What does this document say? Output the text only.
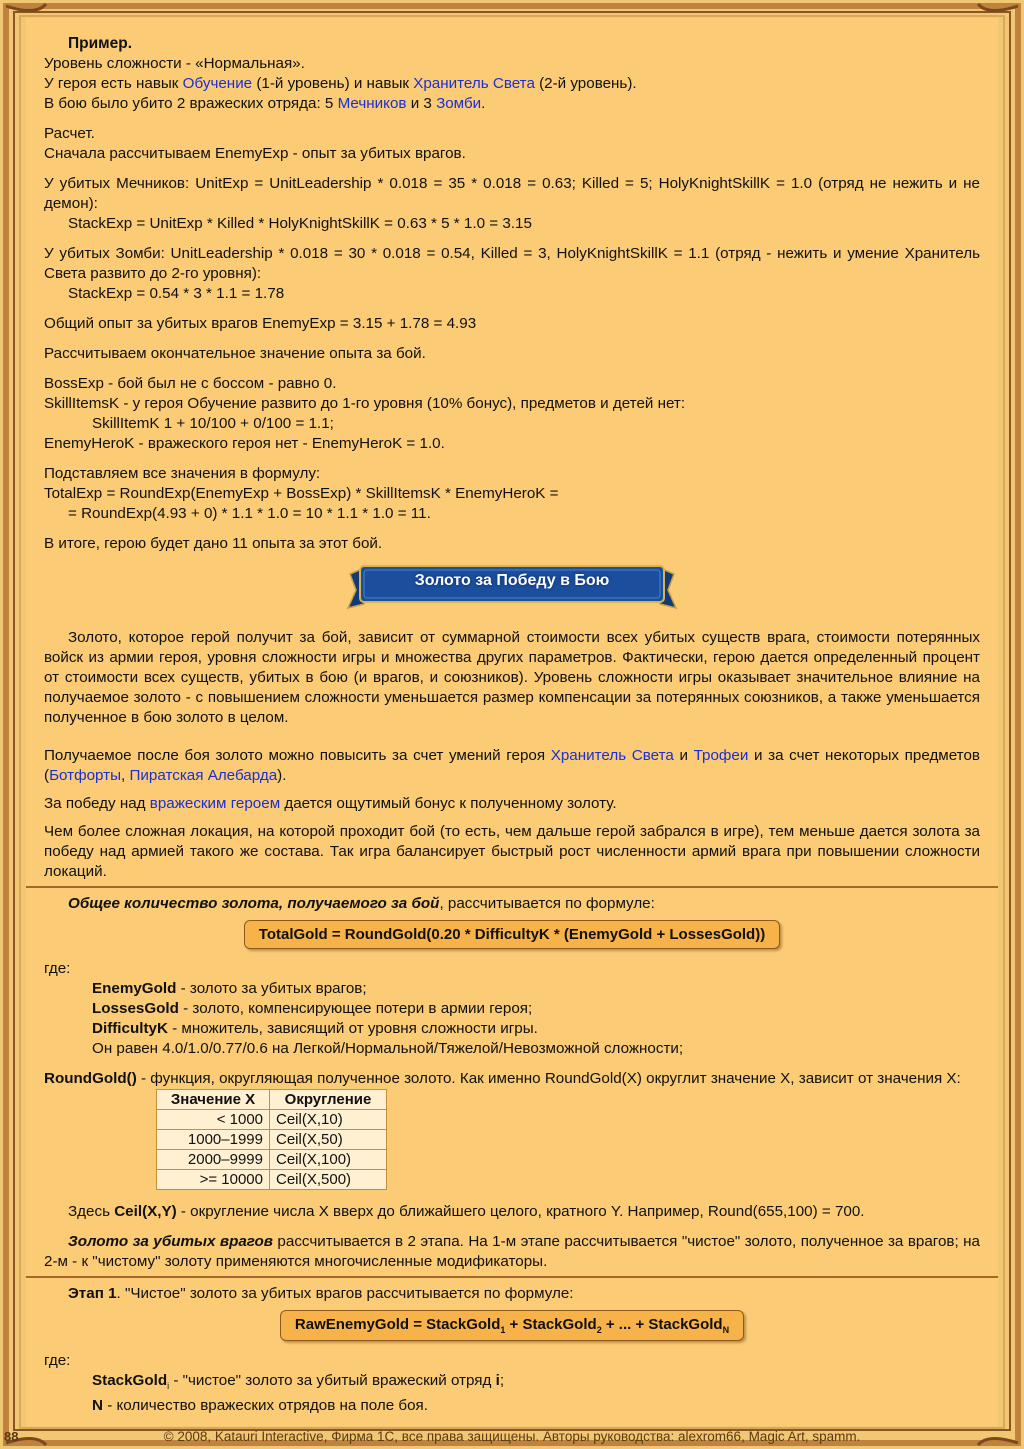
Пример.
Уровень сложности - «Нормальная».
У героя есть навык Обучение (1-й уровень) и навык Хранитель Света (2-й уровень).
В бою было убито 2 вражеских отряда: 5 Мечников и 3 Зомби.
Расчет.
Сначала рассчитываем EnemyExp - опыт за убитых врагов.

У убитых Мечников: UnitExp = UnitLeadership * 0.018 = 35 * 0.018 = 0.63; Killed = 5; HolyKnightSkillK = 1.0 (отряд не нежить и не демон):

StackExp = UnitExp * Killed * HolyKnightSkillK = 0.63 * 5 * 1.0 = 3.15

У убитых Зомби: UnitLeadership * 0.018 = 30 * 0.018 = 0.54, Killed = 3, HolyKnightSkillK = 1.1 (отряд - нежить и умение Хранитель Света развито до 2-го уровня):

StackExp = 0.54 * 3 * 1.1 = 1.78
Общий опыт за убитых врагов EnemyExp = 3.15 + 1.78 = 4.93
Рассчитываем окончательное значение опыта за бой.
BossExp - бой был не с боссом - равно 0.
SkillItemsK - у героя Обучение развито до 1-го уровня (10% бонус), предметов и детей нет:
SkillItemK 1 + 10/100 + 0/100 = 1.1;
EnemyHeroK - вражеского героя нет - EnemyHeroK = 1.0.
Подставляем все значения в формулу:
TotalExp = RoundExp(EnemyExp + BossExp) * SkillItemsK * EnemyHeroK =
= RoundExp(4.93 + 0) * 1.1 * 1.0 = 10 * 1.1 * 1.0 = 11.
В итоге, герою будет дано 11 опыта за этот бой.
Золото за Победу в Бою

Золото, которое герой получит за бой, зависит от суммарной стоимости всех убитых существ врага, стоимости потерянных войск из армии героя, уровня сложности игры и множества других параметров. Фактически, герою дается определенный процент от стоимости всех существ, убитых в бою (и врагов, и союзников). Уровень сложности игры оказывает значительное влияние на получаемое золото - с повышением сложности уменьшается размер компенсации за потерянных союзников, а также уменьшается полученное в бою золото в целом.

Получаемое после боя золото можно повысить за счет умений героя Хранитель Света и Трофеи и за счет некоторых предметов (Ботфорты, Пиратская Алебарда).

За победу над вражеским героем дается ощутимый бонус к полученному золоту.

Чем более сложная локация, на которой проходит бой (то есть, чем дальше герой забрался в игре), тем меньше дается золота за победу над армией такого же состава. Так игра балансирует быстрый рост численности армий врага при повышении сложности локаций.

Общее количество золота, получаемого за бой, рассчитывается по формуле:
TotalGold = RoundGold(0.20 * DifficultyK * (EnemyGold + LossesGold))
где:
EnemyGold - золото за убитых врагов;
LossesGold - золото, компенсирующее потери в армии героя;
DifficultyK - множитель, зависящий от уровня сложности игры.
Он равен 4.0/1.0/0.77/0.6 на Легкой/Нормальной/Тяжелой/Невозможной сложности;

RoundGold() - функция, округляющая полученное золото. Как именно RoundGold(X) округлит значение X, зависит от значения X:

Значение X	Округление
< 1000	Ceil(X,10)
1000–1999	Ceil(X,50)
2000–9999	Ceil(X,100)
>= 10000	Ceil(X,500)
Здесь Ceil(X,Y) - округление числа X вверх до ближайшего целого, кратного Y. Например, Round(655,100) = 700.

Золото за убитых врагов рассчитывается в 2 этапа. На 1-м этапе рассчитывается "чистое" золото, полученное за врагов; на 2-м - к "чистому" золоту применяются многочисленные модификаторы.

Этап 1. "Чистое" золото за убитых врагов рассчитывается по формуле:
RawEnemyGold = StackGold$_1$ + StackGold$_2$ + ... + StackGold$_N$
где:
StackGold$_i$ - "чистое" золото за убитый вражеский отряд i;
N - количество вражеских отрядов на поле боя.
88	© 2008, Katauri Interactive, Фирма 1С, все права защищены. Авторы руководства: alexrom66, Magic Art, spamm.
